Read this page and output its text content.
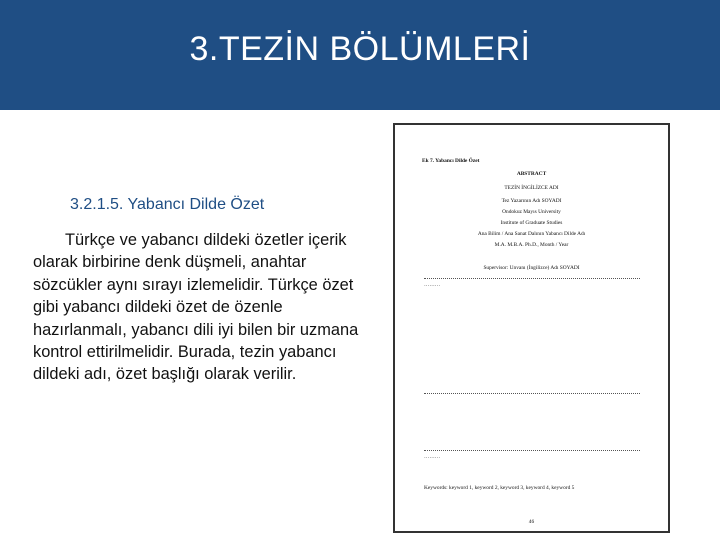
3.TEZİN BÖLÜMLERİ
3.2.1.5. Yabancı Dilde Özet
Türkçe ve yabancı dildeki özetler içerik olarak birbirine denk düşmeli, anahtar sözcükler aynı sırayı izlemelidir. Türkçe özet gibi yabancı dildeki özet de özenle hazırlanmalı, yabancı dili iyi bilen bir uzmana kontrol ettirilmelidir. Burada, tezin yabancı dildeki adı, özet başlığı olarak verilir.
Ek 7. Yabancı Dilde Özet
ABSTRACT
TEZİN İNGİLİZCE ADI
Tez Yazarının Adı SOYADI
Ondokuz Mayıs University
Institute of Graduate Studies
Ana Bilim / Ana Sanat Dalının Yabancı Dilde Adı
M.A. M.B.A. Ph.D., Month / Year
Supervisor: Unvanı (İngilizce) Adı SOYADI
………
………
Keywords: keyword 1, keyword 2, keyword 3, keyword 4, keyword 5
46
